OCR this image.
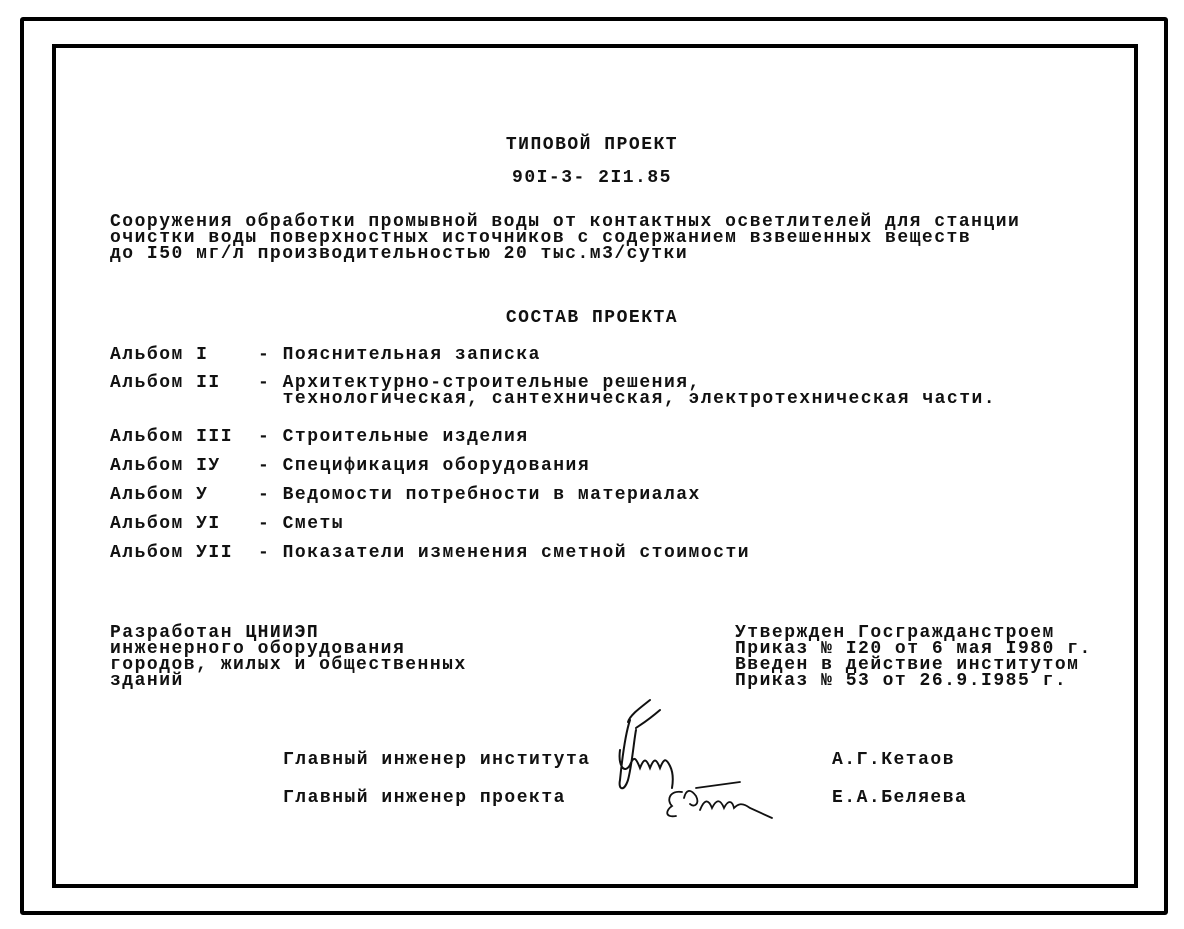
ТИПОВОЙ ПРОЕКТ
90I-3- 2I1.85
Сооружения обработки промывной воды от контактных осветлителей для станции
очистки воды поверхностных источников с содержанием взвешенных веществ
до I50 мг/л производительностью 20 тыс.м3/сутки
СОСТАВ ПРОЕКТА
Альбом I	- Пояснительная записка
Альбом II - Архитектурно-строительные решения,
технологическая, сантехническая, электротехническая части.
Альбом III - Строительные изделия
Альбом IУ - Спецификация оборудования
Альбом У	- Ведомости потребности в материалах
Альбом УI - Сметы
Альбом УII - Показатели изменения сметной стоимости
Разработан ЦНИИЭП
инженерного оборудования
городов, жилых и общественных
зданий
Утвержден Госгражданстроем
Приказ № I20 от 6 мая I980 г.
Введен в действие институтом
Приказ № 53 от 26.9.I985 г.
Главный инженер института	А.Г.Кетаов
Главный инженер проекта	Е.А.Беляева
